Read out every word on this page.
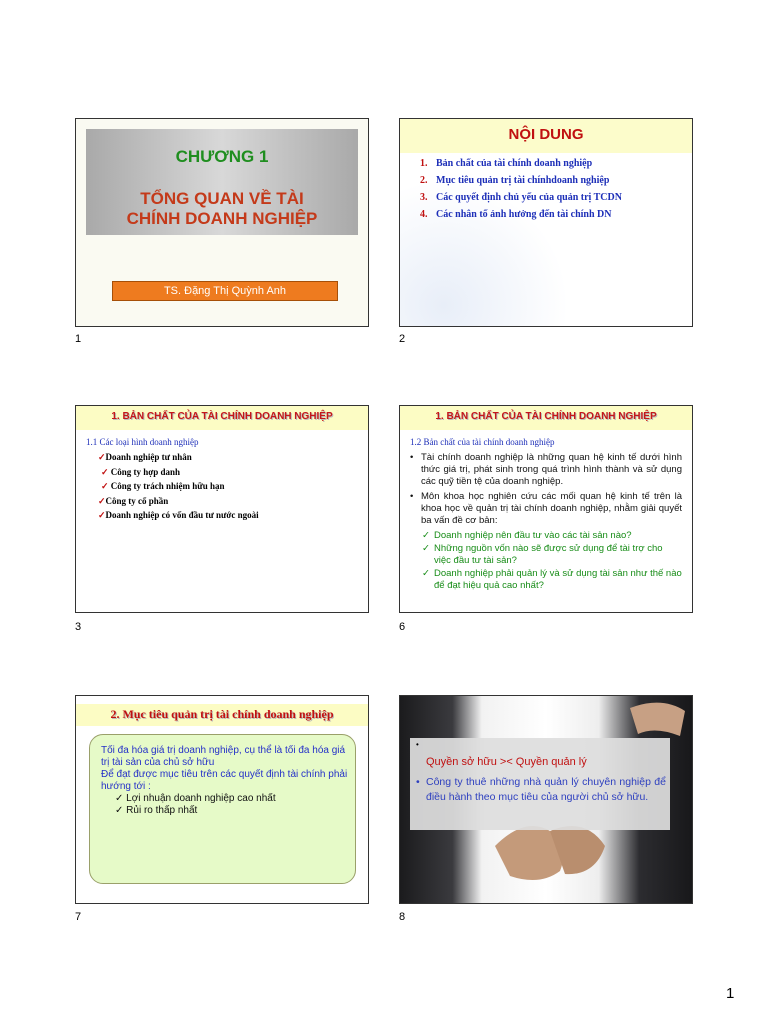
CHƯƠNG 1
TỔNG QUAN VỀ TÀI
CHÍNH DOANH NGHIỆP
TS. Đặng Thị Quỳnh Anh
1
NỘI DUNG
1. Bản chất của tài chính doanh nghiệp
2. Mục tiêu quản trị tài chínhdoanh nghiệp
3. Các quyết định chủ yếu của quản trị TCDN
4. Các nhân tố ảnh hưởng đến tài chính DN
2
1. BẢN CHẤT CỦA TÀI CHÍNH DOANH NGHIỆP
1.1 Các loại hình doanh nghiệp
✓Doanh nghiệp tư nhân
✓ Công ty hợp danh
✓ Công ty trách nhiệm hữu hạn
✓Công ty cổ phần
✓Doanh nghiệp có vốn đầu tư nước ngoài
3
1. BẢN CHẤT CỦA TÀI CHÍNH DOANH NGHIỆP
1.2 Bản chất của tài chính doanh nghiệp
• Tài chính doanh nghiệp là những quan hệ kinh tế dưới hình thức giá trị, phát sinh trong quá trình hình thành và sử dụng các quỹ tiền tệ của doanh nghiệp.
• Môn khoa học nghiên cứu các mối quan hệ kinh tế trên là khoa học về quản trị tài chính doanh nghiệp, nhằm giải quyết ba vấn đề cơ bản:
✓ Doanh nghiệp nên đầu tư vào các tài sản nào?
✓ Những nguồn vốn nào sẽ được sử dụng để tài trợ cho việc đầu tư tài sản?
✓ Doanh nghiệp phải quản lý và sử dụng tài sản như thế nào để đạt hiệu quả cao nhất?
6
2. Mục tiêu quản trị tài chính doanh nghiệp
Tối đa hóa giá trị doanh nghiệp, cụ thể là tối đa hóa giá trị tài sản của chủ sở hữu
Để đạt được mục tiêu trên các quyết định tài chính phải hướng tới :
✓ Lợi nhuận doanh nghiệp cao nhất
✓ Rủi ro thấp nhất
7
•
Quyền sở hữu >< Quyền quản lý
• Công ty thuê những nhà quản lý chuyên nghiệp để điều hành theo mục tiêu của người chủ sở hữu.
8
1
